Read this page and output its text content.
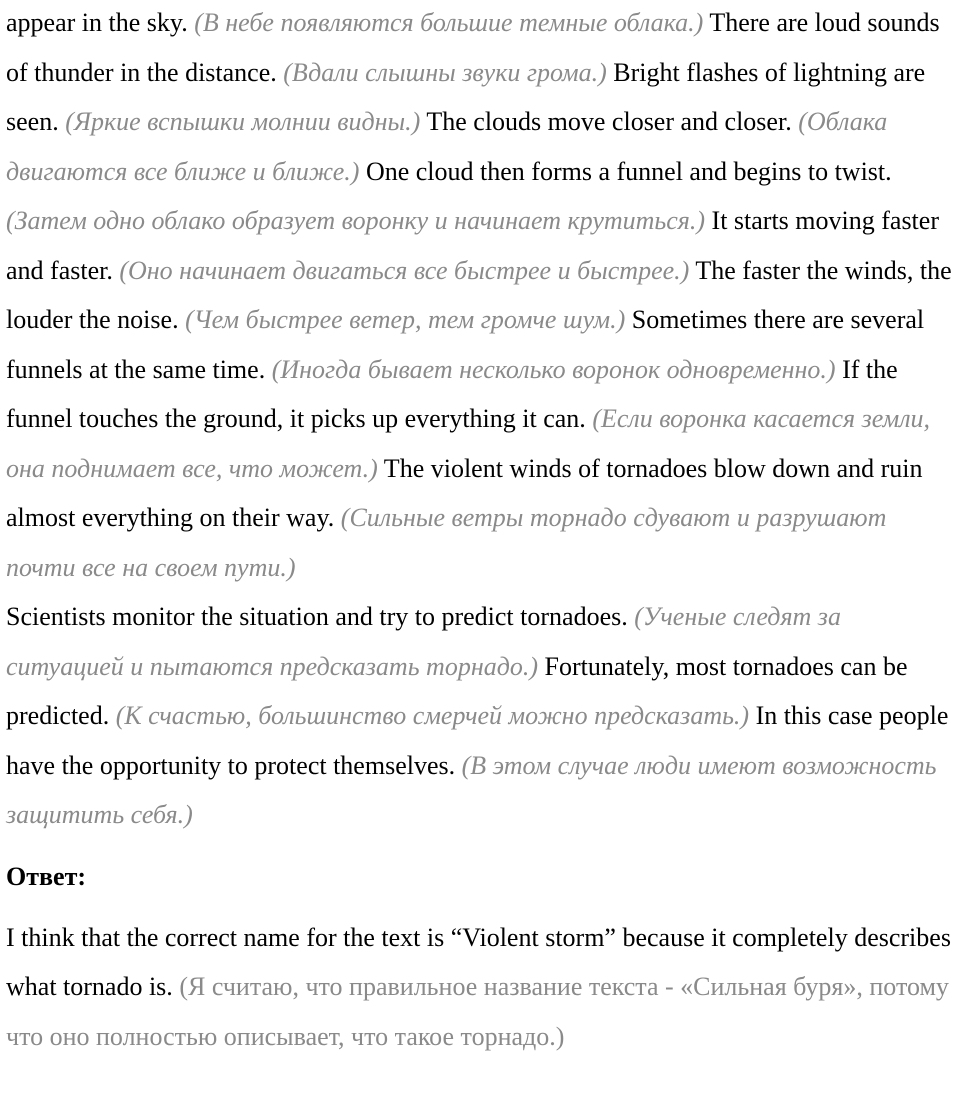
appear in the sky. (В небе появляются большие темные облака.) There are loud sounds of thunder in the distance. (Вдали слышны звуки грома.) Bright flashes of lightning are seen. (Яркие вспышки молнии видны.) The clouds move closer and closer. (Облака двигаются все ближе и ближе.) One cloud then forms a funnel and begins to twist. (Затем одно облако образует воронку и начинает крутиться.) It starts moving faster and faster. (Оно начинает двигаться все быстрее и быстрее.) The faster the winds, the louder the noise. (Чем быстрее ветер, тем громче шум.) Sometimes there are several funnels at the same time. (Иногда бывает несколько воронок одновременно.) If the funnel touches the ground, it picks up everything it can. (Если воронка касается земли, она поднимает все, что может.) The violent winds of tornadoes blow down and ruin almost everything on their way. (Сильные ветры торнадо сдувают и разрушают почти все на своем пути.)

Scientists monitor the situation and try to predict tornadoes. (Ученые следят за ситуацией и пытаются предсказать торнадо.) Fortunately, most tornadoes can be predicted. (К счастью, большинство смерчей можно предсказать.) In this case people have the opportunity to protect themselves. (В этом случае люди имеют возможность защитить себя.)

Ответ:

I think that the correct name for the text is “Violent storm” because it completely describes what tornado is. (Я считаю, что правильное название текста - «Сильная буря», потому что оно полностью описывает, что такое торнадо.)
